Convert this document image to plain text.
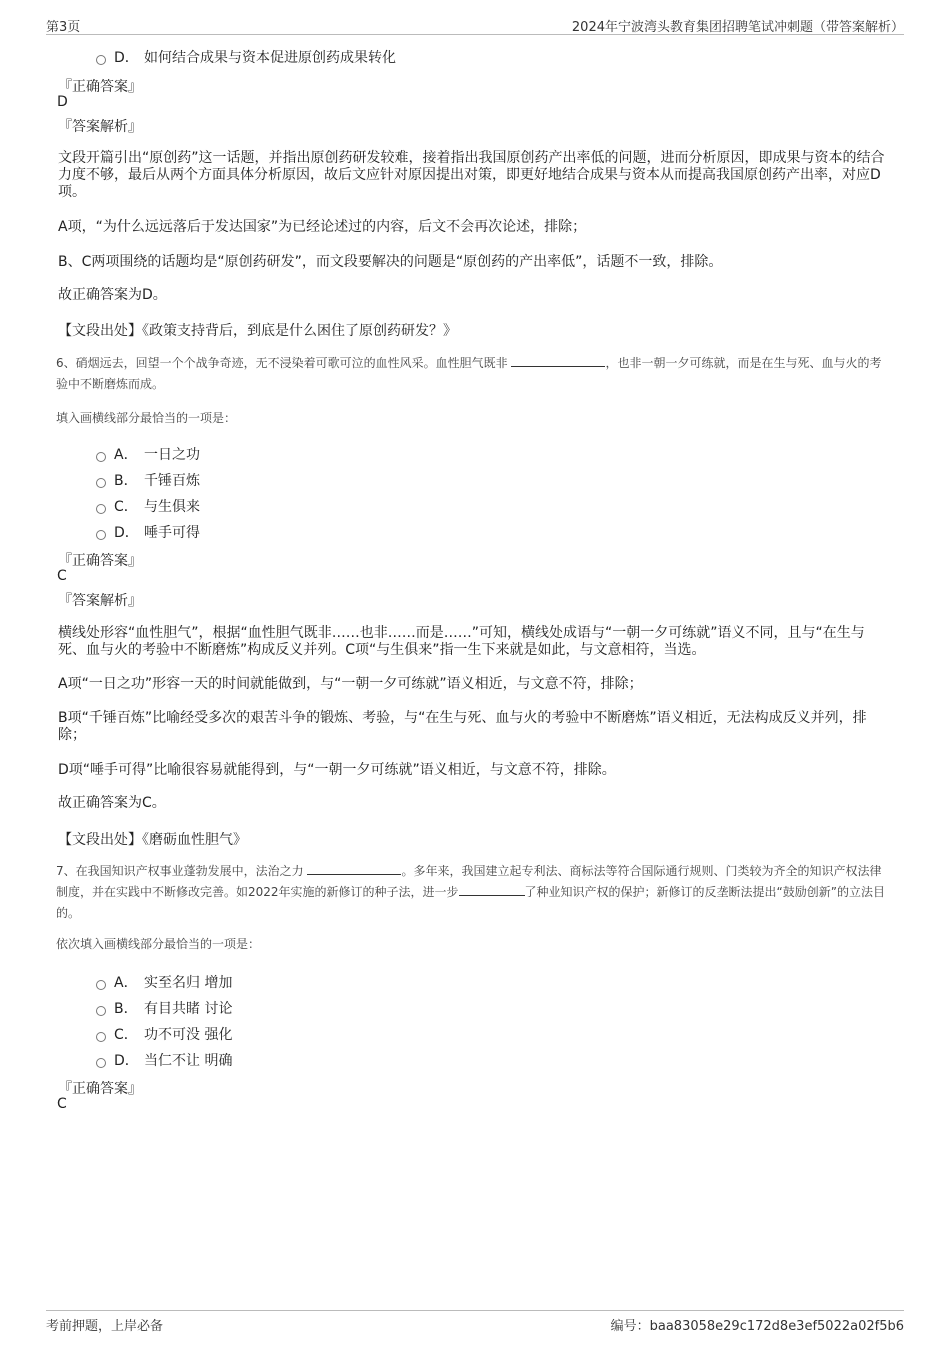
第3页	2024年宁波湾头教育集团招聘笔试冲刺题（带答案解析）
D． 如何结合成果与资本促进原创药成果转化
『正确答案』
D
『答案解析』
文段开篇引出“原创药”这一话题，并指出原创药研发较难，接着指出我国原创药产出率低的问题，进而分析原因，即成果与资本的结合力度不够，最后从两个方面具体分析原因，故后文应针对原因提出对策，即更好地结合成果与资本从而提高我国原创药产出率，对应D项。
A项，“为什么远远落后于发达国家”为已经论述过的内容，后文不会再次论述，排除；
B、C两项围绕的话题均是“原创药研发”，而文段要解决的问题是“原创药的产出率低”，话题不一致，排除。
故正确答案为D。
【文段出处】《政策支持背后，到底是什么困住了原创药研发？》
6、硝烟远去，回望一个个战争奇迹，无不浸染着可歌可泣的血性风采。血性胆气既非	，也非一朝一夕可练就，而是在生与死、血与火的考验中不断磨炼而成。
填入画横线部分最恰当的一项是：
A． 一日之功
B． 千锤百炼
C． 与生俱来
D． 唾手可得
『正确答案』
C
『答案解析』
横线处形容“血性胆气”，根据“血性胆气既非……也非……而是……”可知，横线处成语与“一朝一夕可练就”语义不同，且与“在生与死、血与火的考验中不断磨炼”构成反义并列。C项“与生俱来”指一生下来就是如此，与文意相符，当选。
A项“一日之功”形容一天的时间就能做到，与“一朝一夕可练就”语义相近，与文意不符，排除；
B项“千锤百炼”比喻经受多次的艰苦斗争的锻炼、考验，与“在生与死、血与火的考验中不断磨炼”语义相近，无法构成反义并列，排除；
D项“唾手可得”比喻很容易就能得到，与“一朝一夕可练就”语义相近，与文意不符，排除。
故正确答案为C。
【文段出处】《磨砺血性胆气》
7、在我国知识产权事业蓬勃发展中，法治之力	。多年来，我国建立起专利法、商标法等符合国际通行规则、门类较为齐全的知识产权法律制度，并在实践中不断修改完善。如2022年实施的新修订的种子法，进一步	了种业知识产权的保护；新修订的反垄断法提出“鼓励创新”的立法目的。
依次填入画横线部分最恰当的一项是：
A． 实至名归 增加
B． 有目共睹 讨论
C． 功不可没 强化
D． 当仁不让 明确
『正确答案』
C
考前押题，上岸必备	编号：baa83058e29c172d8e3ef5022a02f5b6
